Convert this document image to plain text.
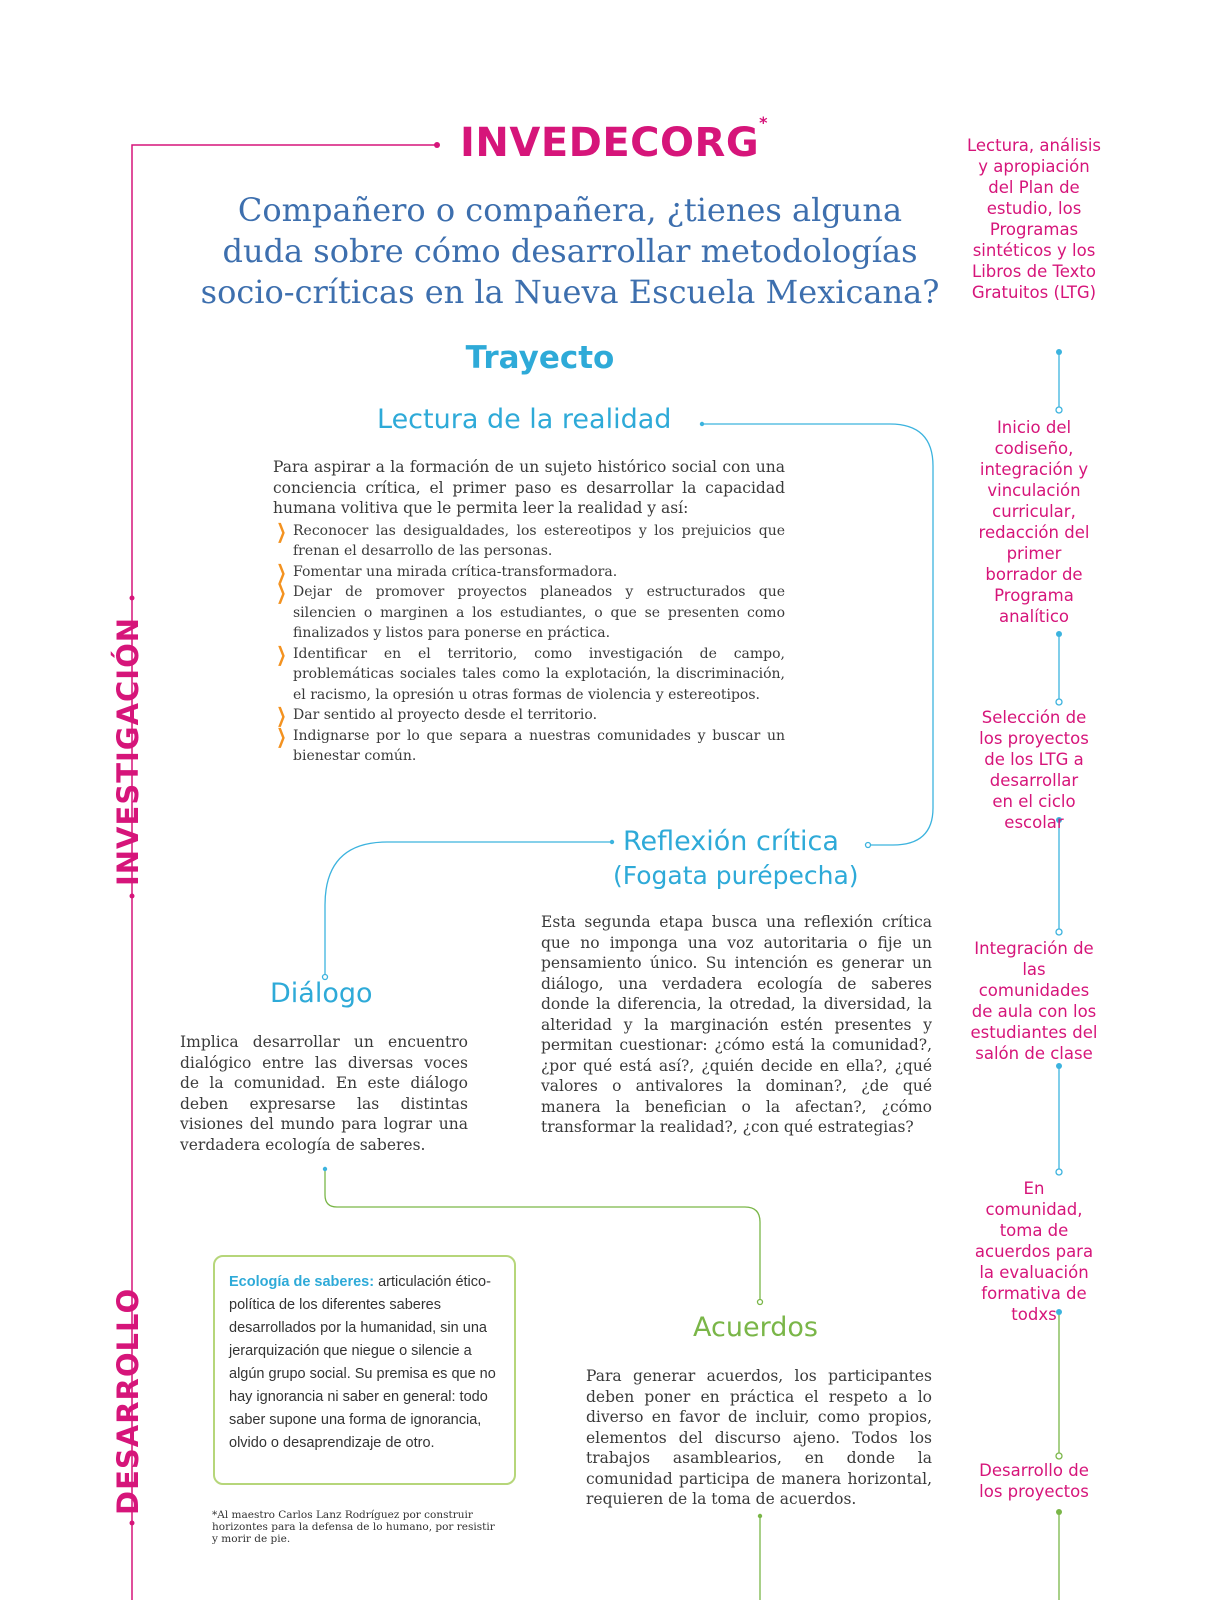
INVEDECORG*
Compañero o compañera, ¿tienes alguna duda sobre cómo desarrollar metodologías socio-críticas en la Nueva Escuela Mexicana?
Trayecto
INVESTIGACIÓN
DESARROLLO
Lectura de la realidad

Para aspirar a la formación de un sujeto histórico social con una conciencia crítica, el primer paso es desarrollar la capacidad humana volitiva que le permita leer la realidad y así:

❯ Reconocer las desigualdades, los estereotipos y los prejuicios que frenan el desarrollo de las personas.
❯ Fomentar una mirada crítica-transformadora.
❯ Dejar de promover proyectos planeados y estructurados que silencien o marginen a los estudiantes, o que se presenten como finalizados y listos para ponerse en práctica.
❯ Identificar en el territorio, como investigación de campo, problemáticas sociales tales como la explotación, la discriminación, el racismo, la opresión u otras formas de violencia y estereotipos.
❯ Dar sentido al proyecto desde el territorio.
❯ Indignarse por lo que separa a nuestras comunidades y buscar un bienestar común.
Reflexión crítica
(Fogata purépecha)

Esta segunda etapa busca una reflexión crítica que no imponga una voz autoritaria o fije un pensamiento único. Su intención es generar un diálogo, una verdadera ecología de saberes donde la diferencia, la otredad, la diversidad, la alteridad y la marginación estén presentes y permitan cuestionar: ¿cómo está la comunidad?, ¿por qué está así?, ¿quién decide en ella?, ¿qué valores o antivalores la dominan?, ¿de qué manera la benefician o la afectan?, ¿cómo transformar la realidad?, ¿con qué estrategias?

Diálogo

Implica desarrollar un encuentro dialógico entre las diversas voces de la comunidad. En este diálogo deben expresarse las distintas visiones del mundo para lograr una verdadera ecología de saberes.

Ecología de saberes: articulación ético-política de los diferentes saberes desarrollados por la humanidad, sin una jerarquización que niegue o silencie a algún grupo social. Su premisa es que no hay ignorancia ni saber en general: todo saber supone una forma de ignorancia, olvido o desaprendizaje de otro.
Acuerdos

Para generar acuerdos, los participantes deben poner en práctica el respeto a lo diverso en favor de incluir, como propios, elementos del discurso ajeno. Todos los trabajos asamblearios, en donde la comunidad participa de manera horizontal, requieren de la toma de acuerdos.

*Al maestro Carlos Lanz Rodríguez por construir horizontes para la defensa de lo humano, por resistir y morir de pie.

Lectura, análisis y apropiación del Plan de estudio, los Programas sintéticos y los Libros de Texto Gratuitos (LTG)
Inicio del codiseño, integración y vinculación curricular, redacción del primer borrador de Programa analítico
Selección de los proyectos de los LTG a desarrollar en el ciclo escolar
Integración de las comunidades de aula con los estudiantes del salón de clase
En comunidad, toma de acuerdos para la evaluación formativa de todxs
Desarrollo de los proyectos
